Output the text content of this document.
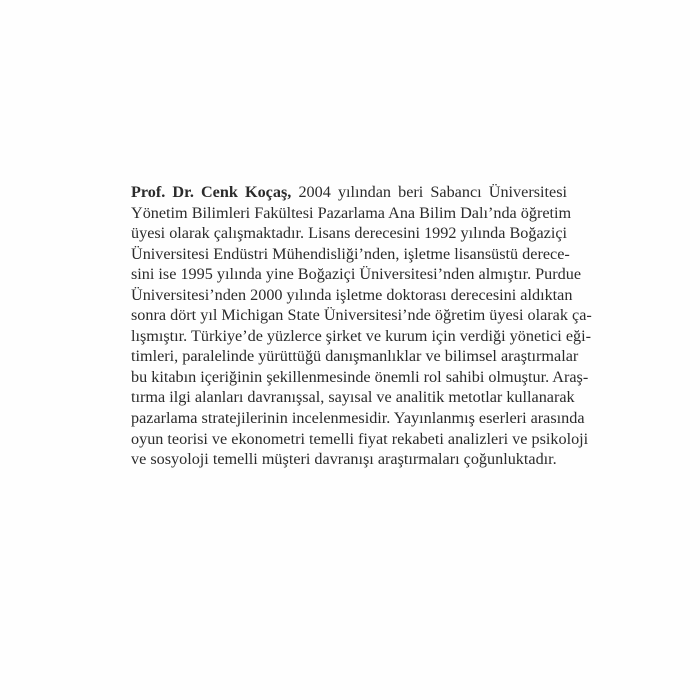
Prof. Dr. Cenk Koçaş, 2004 yılından beri Sabancı Üniversitesi
Yönetim Bilimleri Fakültesi Pazarlama Ana Bilim Dalı’nda öğretim
üyesi olarak çalışmaktadır. Lisans derecesini 1992 yılında Boğaziçi
Üniversitesi Endüstri Mühendisliği’nden, işletme lisansüstü derece-
sini ise 1995 yılında yine Boğaziçi Üniversitesi’nden almıştır. Purdue
Üniversitesi’nden 2000 yılında işletme doktorası derecesini aldıktan
sonra dört yıl Michigan State Üniversitesi’nde öğretim üyesi olarak ça-
lışmıştır. Türkiye’de yüzlerce şirket ve kurum için verdiği yönetici eği-
timleri, paralelinde yürüttüğü danışmanlıklar ve bilimsel araştırmalar
bu kitabın içeriğinin şekillenmesinde önemli rol sahibi olmuştur. Araş-
tırma ilgi alanları davranışsal, sayısal ve analitik metotlar kullanarak
pazarlama stratejilerinin incelenmesidir. Yayınlanmış eserleri arasında
oyun teorisi ve ekonometri temelli fiyat rekabeti analizleri ve psikoloji
ve sosyoloji temelli müşteri davranışı araştırmaları çoğunluktadır.
